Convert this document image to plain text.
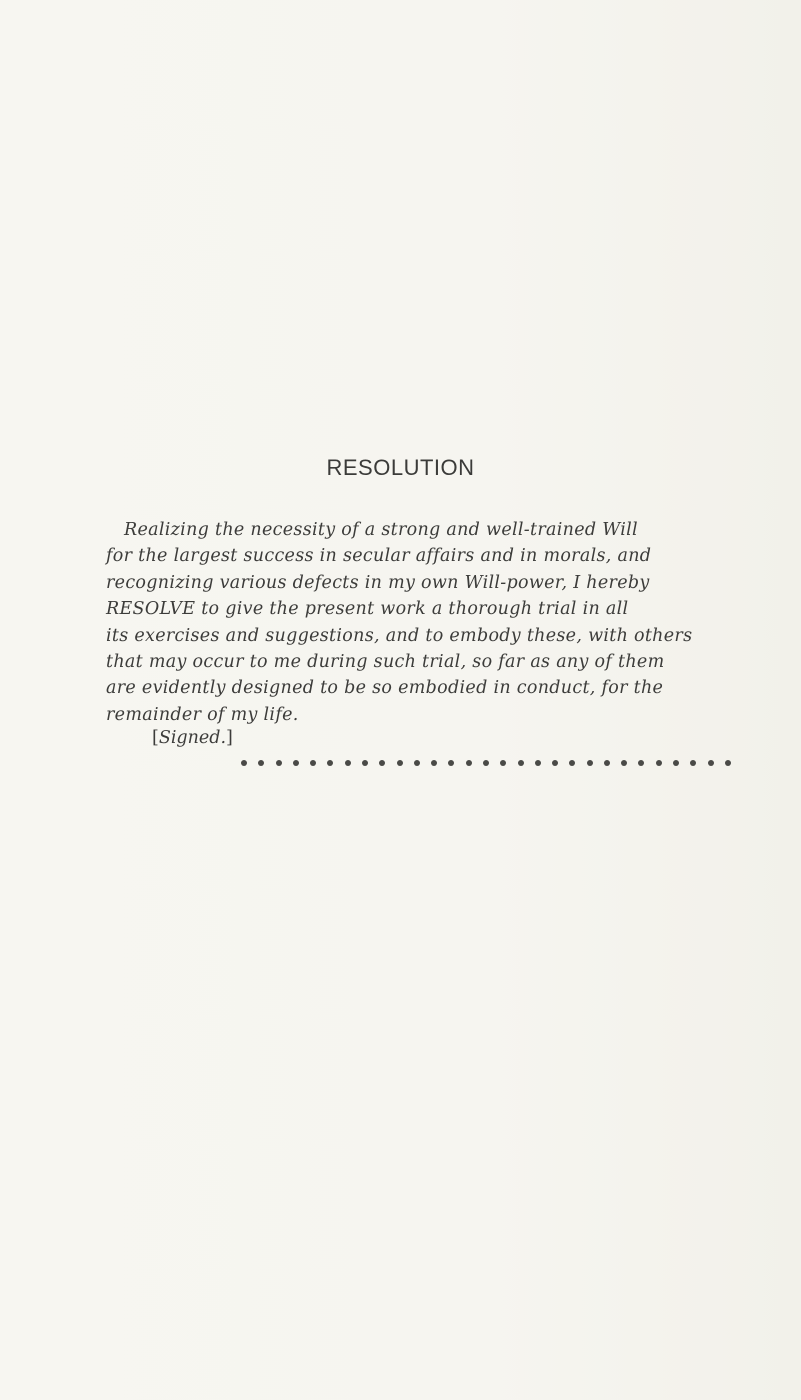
RESOLUTION
Realizing the necessity of a strong and well-trained Will
for the largest success in secular affairs and in morals, and
recognizing various defects in my own Will-power, I hereby
RESOLVE to give the present work a thorough trial in all
its exercises and suggestions, and to embody these, with others
that may occur to me during such trial, so far as any of them
are evidently designed to be so embodied in conduct, for the
remainder of my life.
[Signed.]
